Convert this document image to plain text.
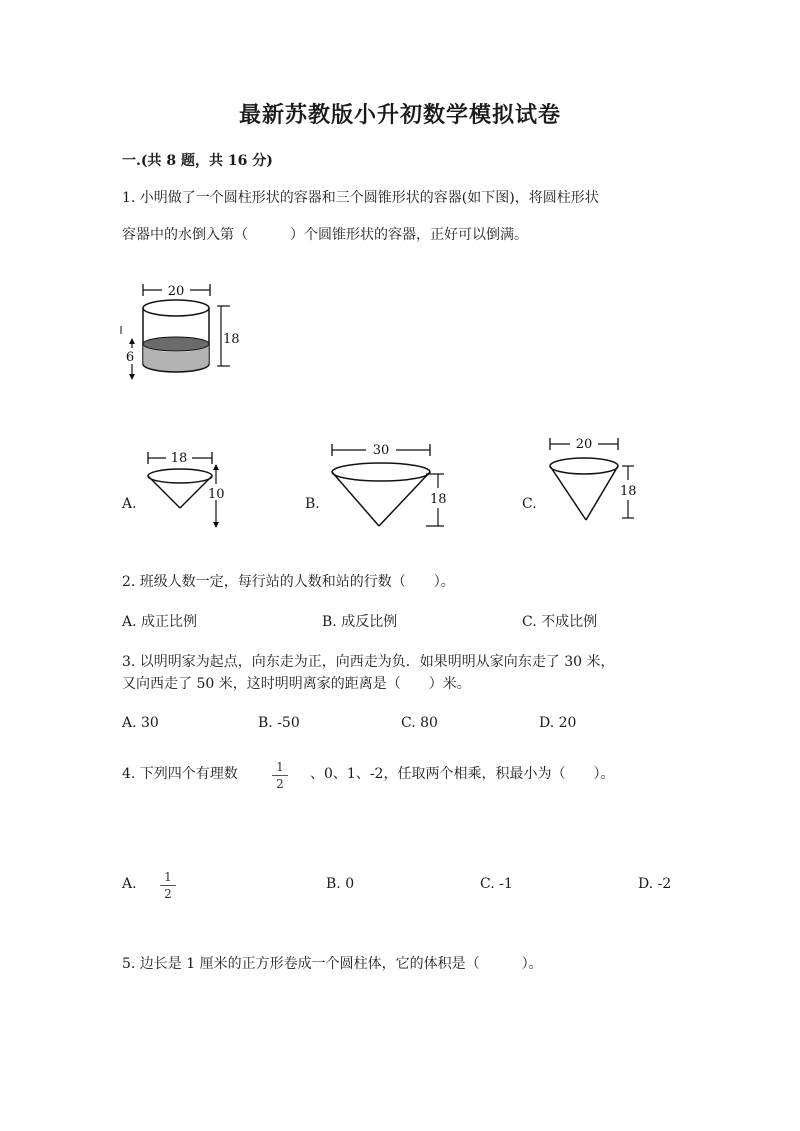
最新苏教版小升初数学模拟试卷
一.(共 8 题，共 16 分)
1. 小明做了一个圆柱形状的容器和三个圆锥形状的容器(如下图)，将圆柱形状
容器中的水倒入第（　　　）个圆锥形状的容器，正好可以倒满。
20
18
6
A.
18
10
B.
30
18	C.
20
18
2. 班级人数一定，每行站的人数和站的行数（　　）。
A. 成正比例	B. 成反比例	C. 不成比例
3. 以明明家为起点，向东走为正，向西走为负．如果明明从家向东走了 30 米，
又向西走了 50 米，这时明明离家的距离是（　　）米。
A. 30	B. -50	C. 80	D. 20
4. 下列四个有理数	1
2
、0、1、-2，任取两个相乘，积最小为（　　）。
A.	1
2
B. 0	C. -1	D. -2
5. 边长是 1 厘米的正方形卷成一个圆柱体，它的体积是（　　　）。
